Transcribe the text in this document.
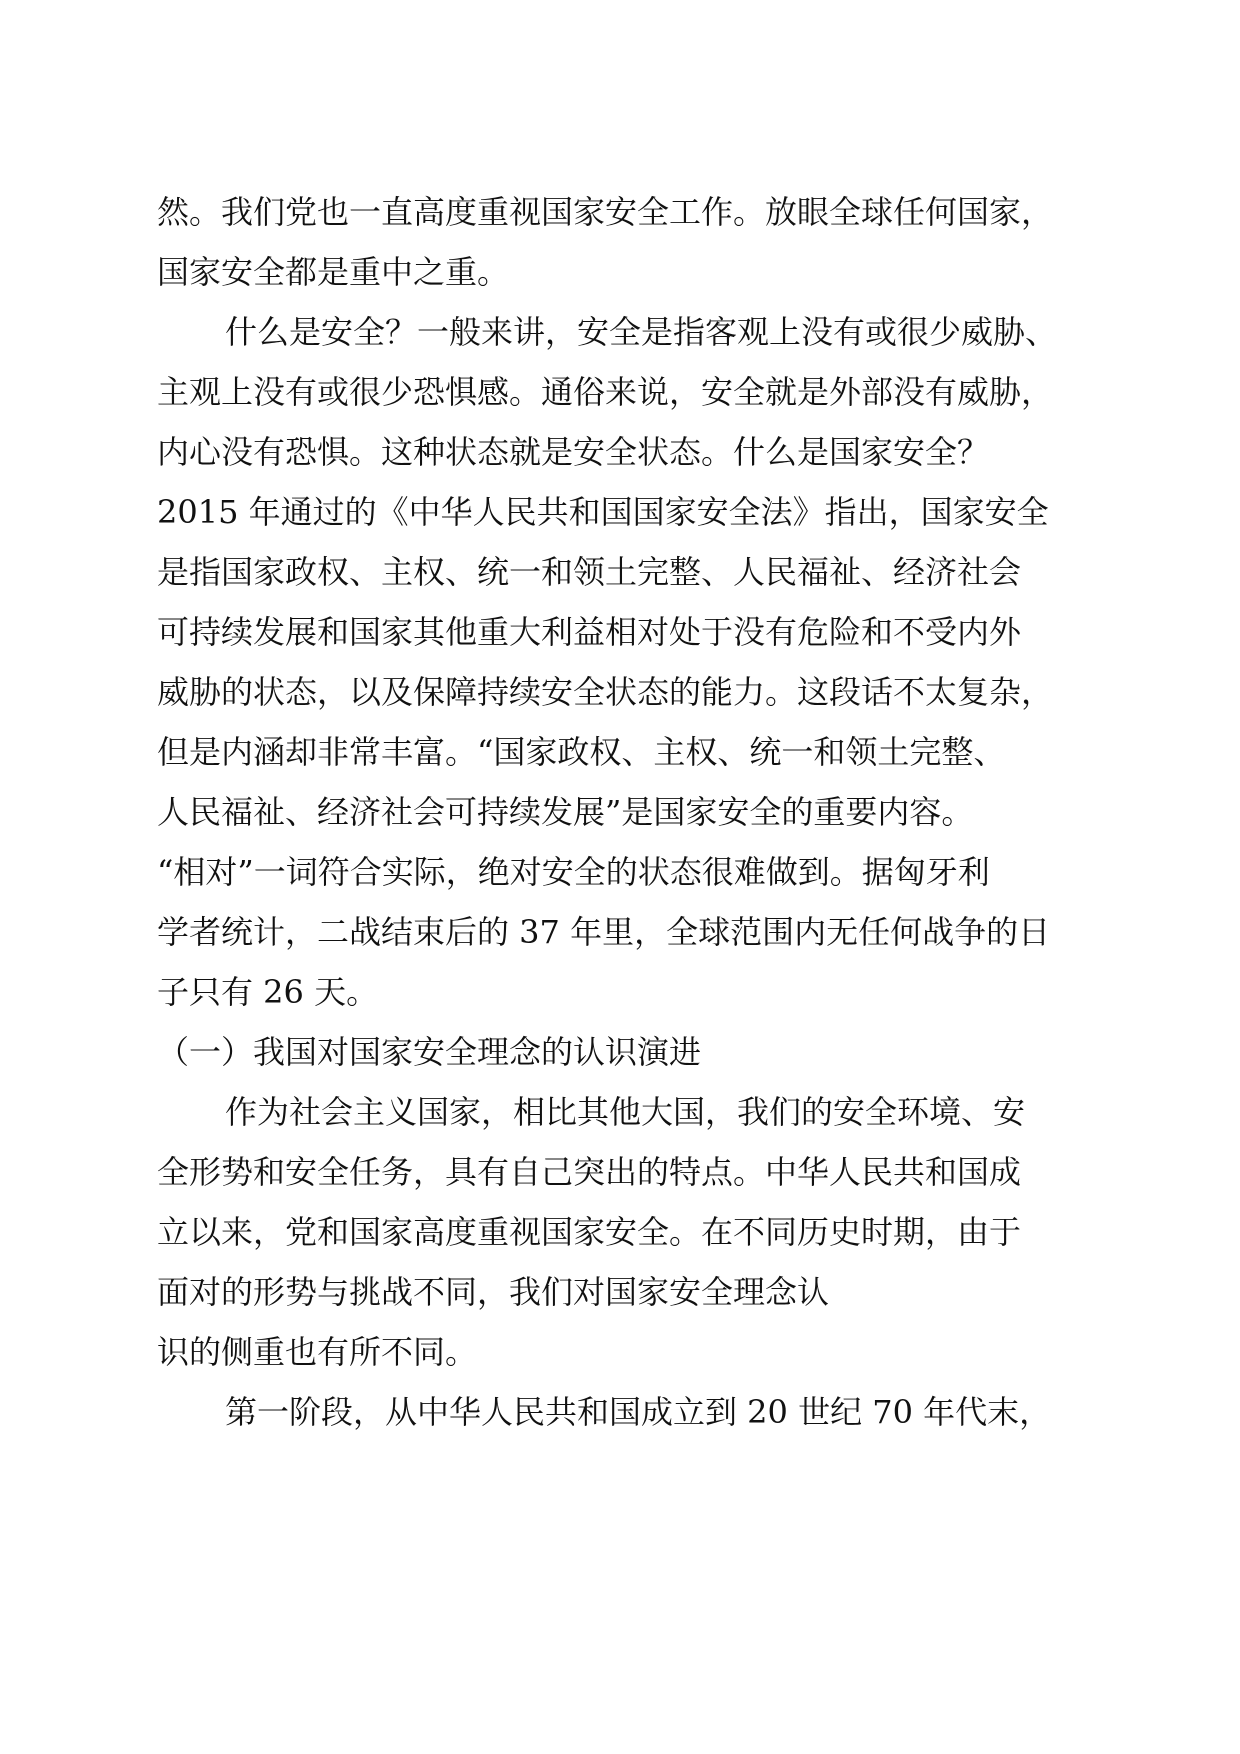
然。我们党也一直高度重视国家安全工作。放眼全球任何国家，
国家安全都是重中之重。
什么是安全？一般来讲，安全是指客观上没有或很少威胁、
主观上没有或很少恐惧感。通俗来说，安全就是外部没有威胁，
内心没有恐惧。这种状态就是安全状态。什么是国家安全？
2015 年通过的《中华人民共和国国家安全法》指出，国家安全
是指国家政权、主权、统一和领土完整、人民福祉、经济社会
可持续发展和国家其他重大利益相对处于没有危险和不受内外
威胁的状态，以及保障持续安全状态的能力。这段话不太复杂，
但是内涵却非常丰富。“国家政权、主权、统一和领土完整、
人民福祉、经济社会可持续发展”是国家安全的重要内容。
“相对”一词符合实际，绝对安全的状态很难做到。据匈牙利
学者统计，二战结束后的 37 年里，全球范围内无任何战争的日
子只有 26 天。
（一）我国对国家安全理念的认识演进
作为社会主义国家，相比其他大国，我们的安全环境、安
全形势和安全任务，具有自己突出的特点。中华人民共和国成
立以来，党和国家高度重视国家安全。在不同历史时期，由于
面对的形势与挑战不同，我们对国家安全理念认
识的侧重也有所不同。
第一阶段，从中华人民共和国成立到 20 世纪 70 年代末，
